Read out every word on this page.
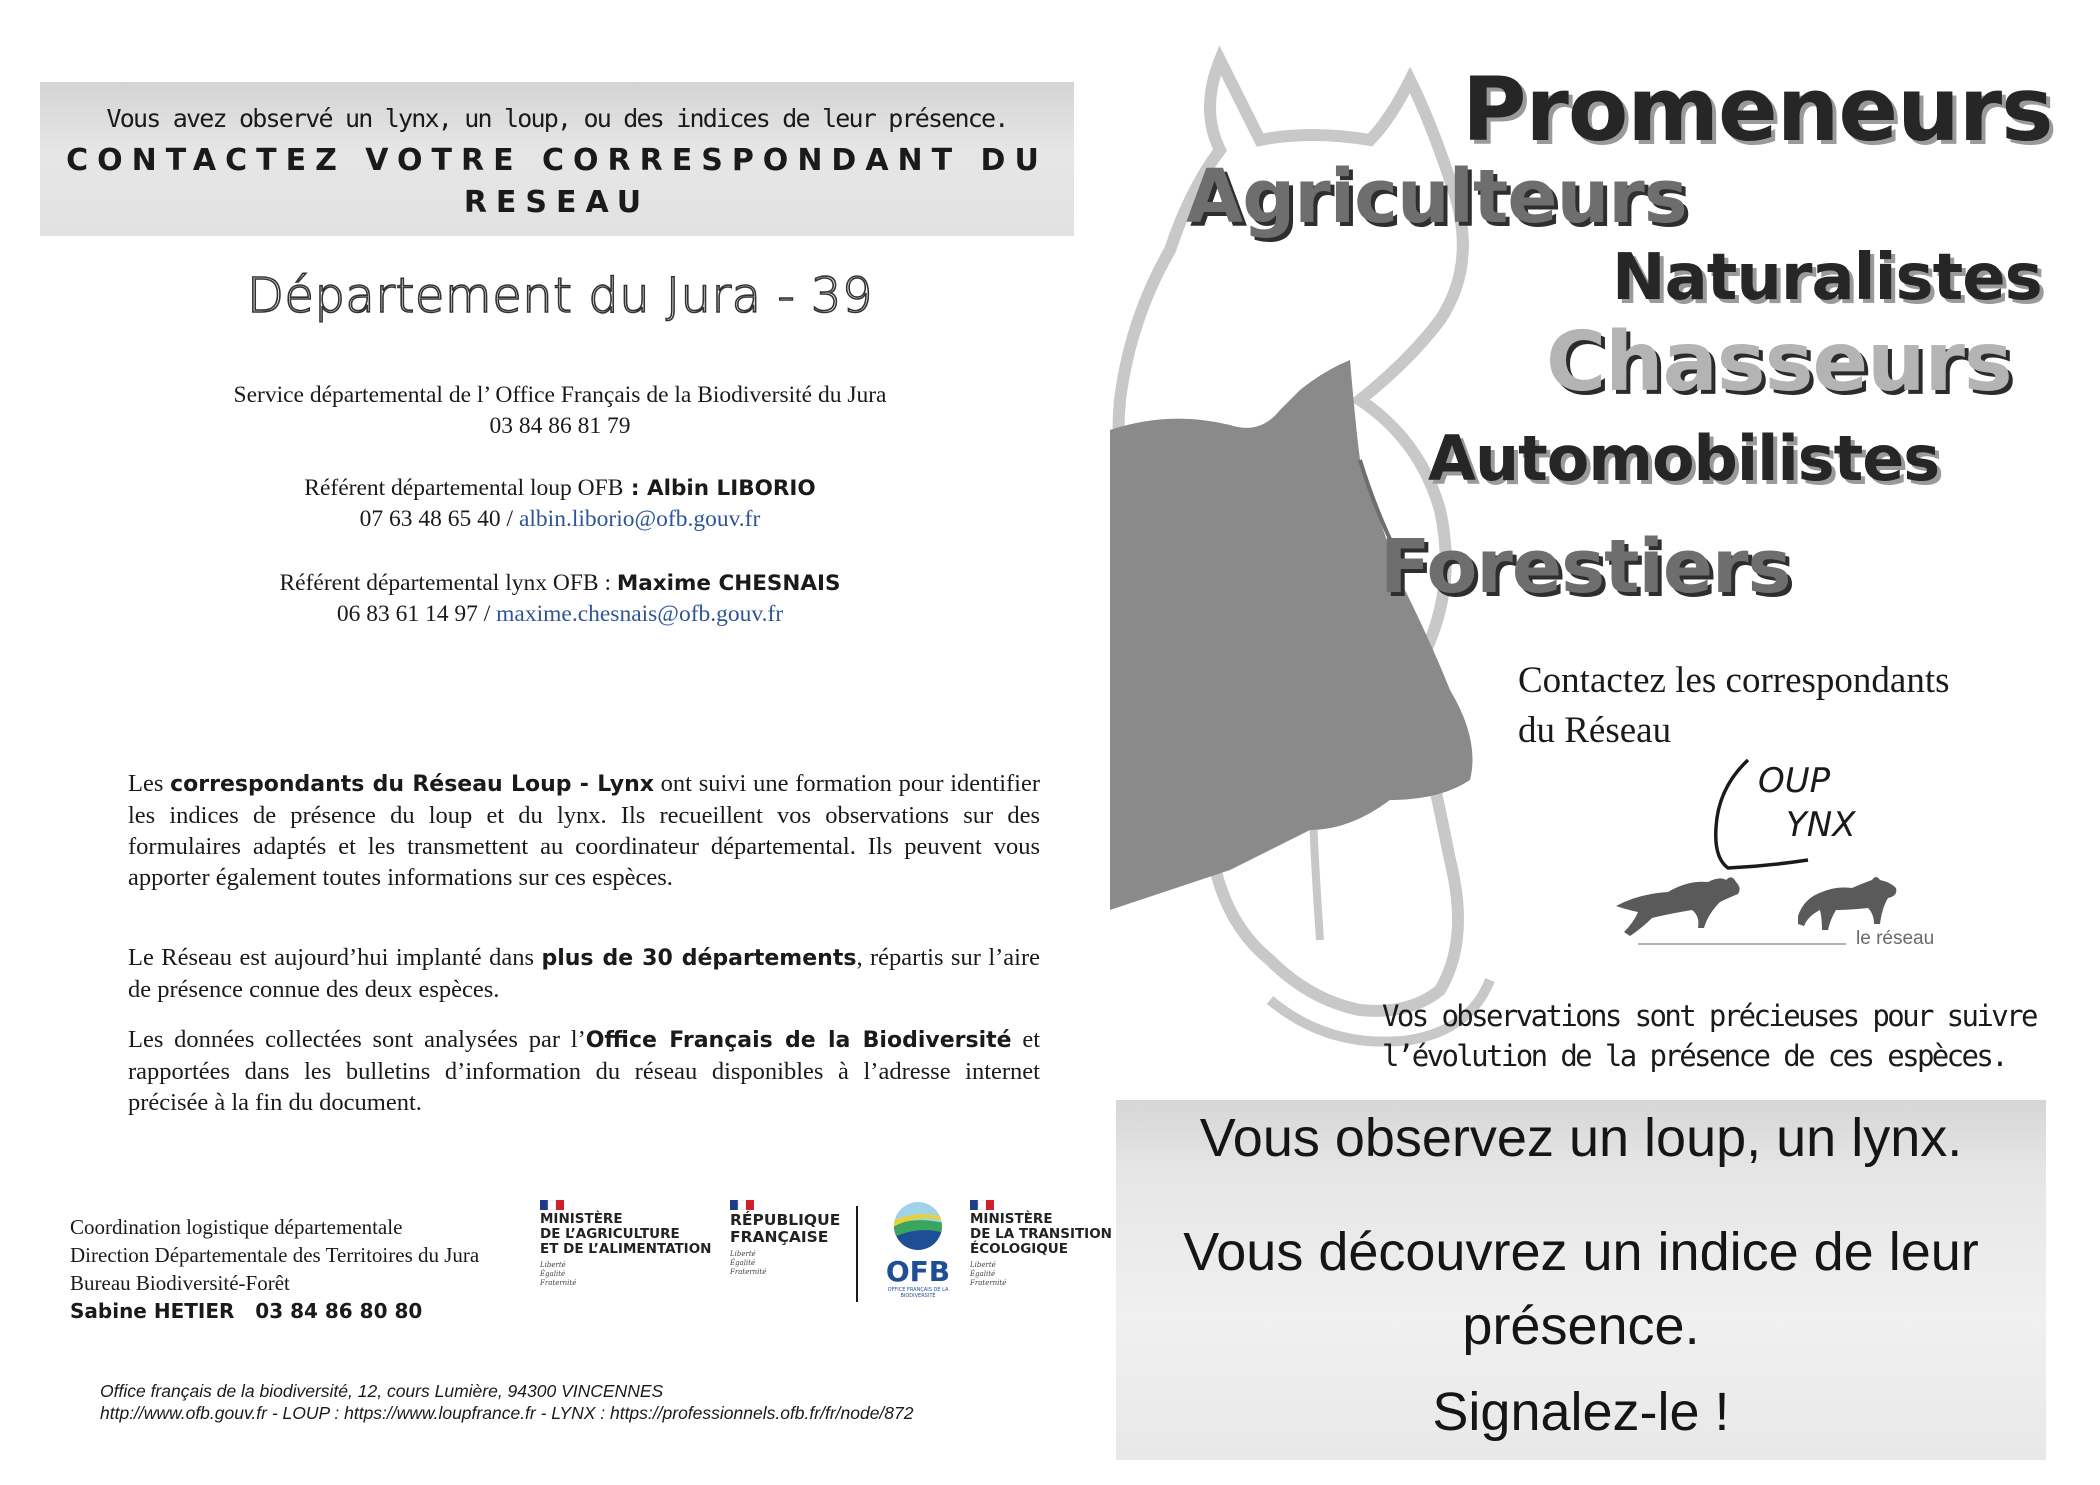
Vous avez observé un lynx, un loup, ou des indices de leur présence.
CONTACTEZ VOTRE CORRESPONDANT DU RESEAU
Département du Jura - 39
Service départemental de l’ Office Français de la Biodiversité du Jura
03 84 86 81 79
Référent départemental loup OFB : Albin LIBORIO
07 63 48 65 40 / albin.liborio@ofb.gouv.fr
Référent départemental lynx OFB : Maxime CHESNAIS
06 83 61 14 97 / maxime.chesnais@ofb.gouv.fr

Les correspondants du Réseau Loup - Lynx ont suivi une formation pour identifier les indices de présence du loup et du lynx. Ils recueillent vos observations sur des formulaires adaptés et les transmettent au coordinateur départemental. Ils peuvent vous apporter également toutes informations sur ces espèces.

Le Réseau est aujourd’hui implanté dans plus de 30 départements, répartis sur l’aire de présence connue des deux espèces.

Les données collectées sont analysées par l’Office Français de la Biodiversité et rapportées dans les bulletins d’information du réseau disponibles à l’adresse internet précisée à la fin du document.

Coordination logistique départementale
Direction Départementale des Territoires du Jura
Bureau Biodiversité-Forêt
Sabine HETIER 03 84 86 80 80
MINISTÈRE
DE L’AGRICULTURE
ET DE L’ALIMENTATION
Liberté Égalité Fraternité
RÉPUBLIQUE
FRANÇAISE
Liberté Égalité Fraternité	OFB
OFFICE FRANÇAIS DE LA BIODIVERSITÉ
MINISTÈRE
DE LA TRANSITION
ÉCOLOGIQUE
Liberté Égalité Fraternité
Office français de la biodiversité, 12, cours Lumière, 94300 VINCENNES
http://www.ofb.gouv.fr - LOUP : https://www.loupfrance.fr - LYNX : https://professionnels.ofb.fr/fr/node/872
Promeneurs
Agriculteurs
Naturalistes
Chasseurs
Automobilistes
Forestiers
Contactez les correspondants
du Réseau
OUP
YNX
le réseau
Vos observations sont précieuses pour suivre
l’évolution de la présence de ces espèces.
Vous observez un loup, un lynx.
Vous découvrez un indice de leur
présence.
Signalez-le !
